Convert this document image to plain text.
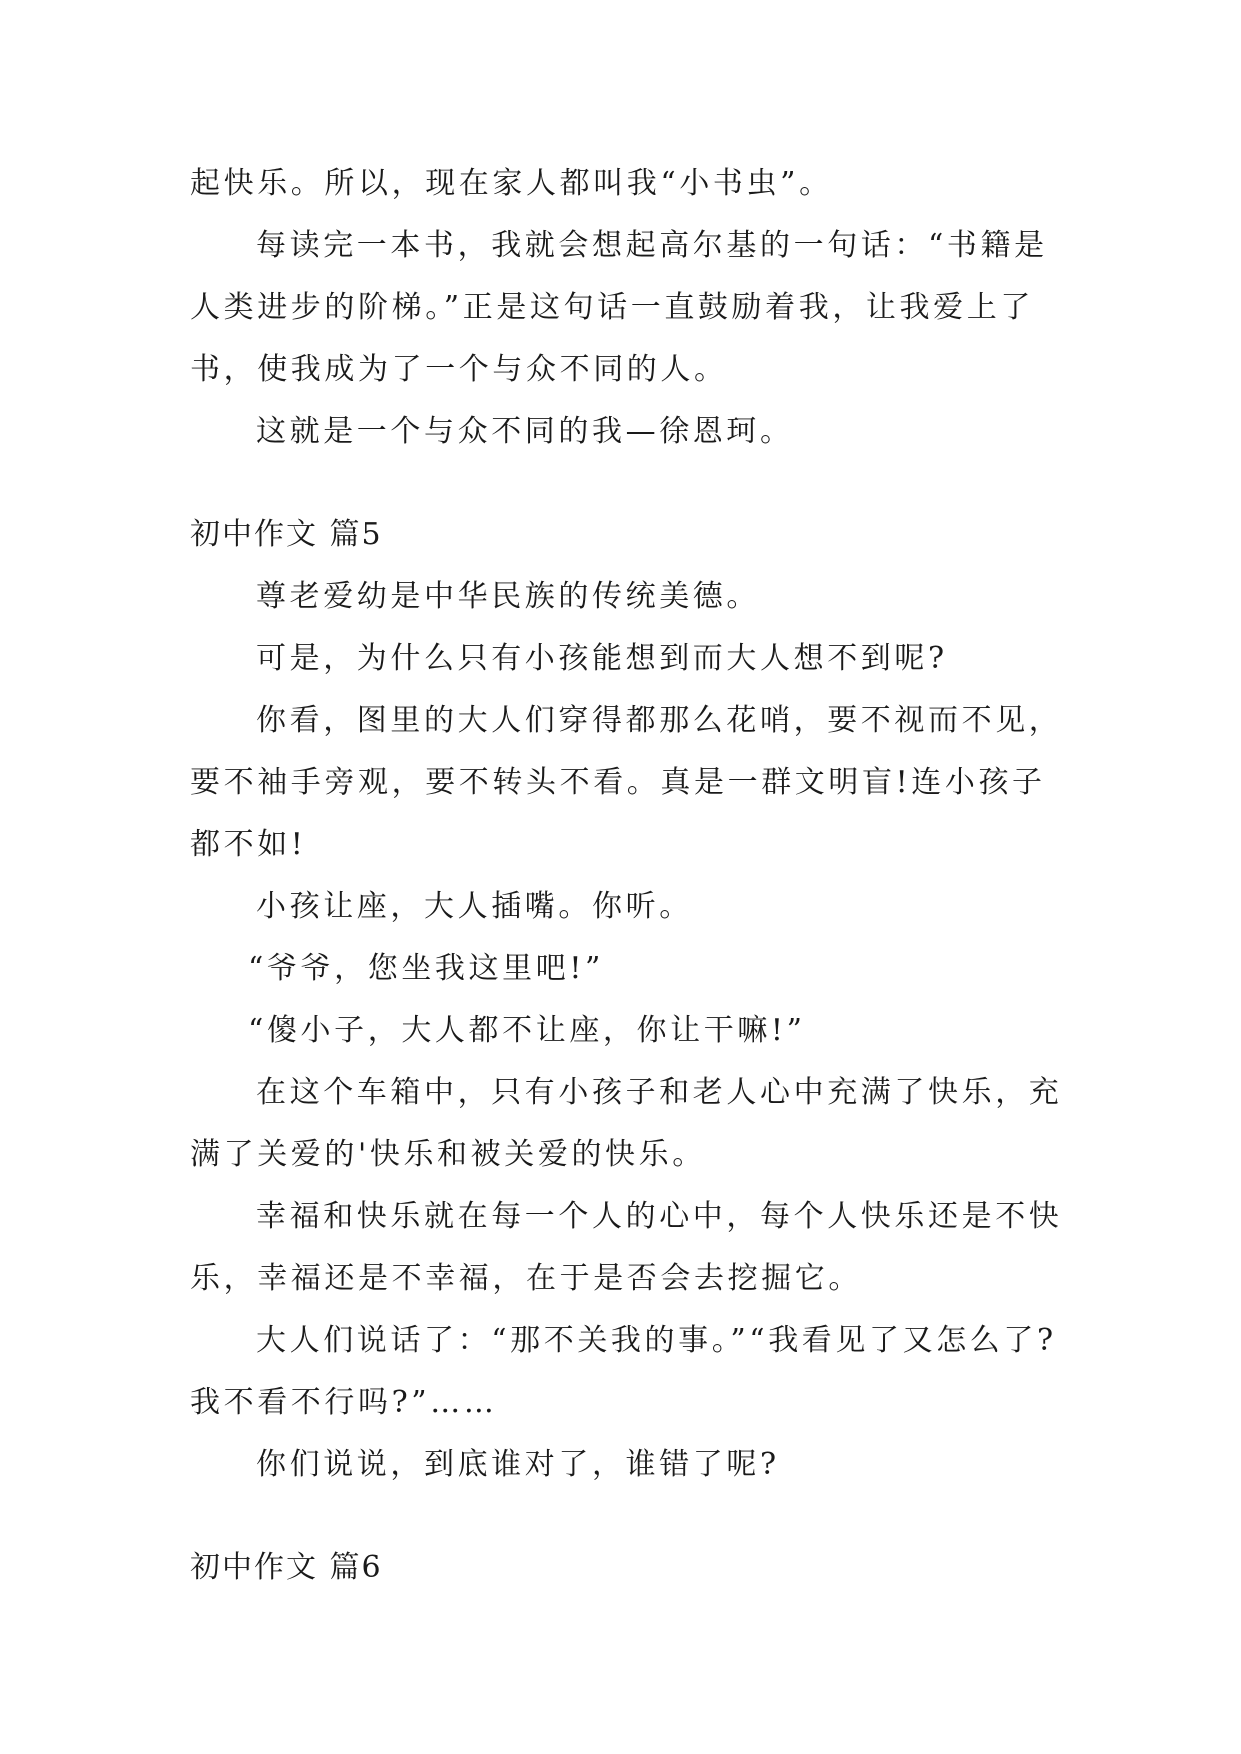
起快乐。所以，现在家人都叫我“小书虫”。

每读完一本书，我就会想起高尔基的一句话：“书籍是

人类进步的阶梯。”正是这句话一直鼓励着我，让我爱上了

书，使我成为了一个与众不同的人。

这就是一个与众不同的我—徐恩珂。

初中作文 篇5

尊老爱幼是中华民族的传统美德。

可是，为什么只有小孩能想到而大人想不到呢?

你看，图里的大人们穿得都那么花哨，要不视而不见，

要不袖手旁观，要不转头不看。真是一群文明盲!连小孩子

都不如!

小孩让座，大人插嘴。你听。

“爷爷，您坐我这里吧!”

“傻小子，大人都不让座，你让干嘛!”

在这个车箱中，只有小孩子和老人心中充满了快乐，充

满了关爱的'快乐和被关爱的快乐。

幸福和快乐就在每一个人的心中，每个人快乐还是不快

乐，幸福还是不幸福，在于是否会去挖掘它。

大人们说话了：“那不关我的事。”“我看见了又怎么了?

我不看不行吗?”……

你们说说，到底谁对了，谁错了呢?

初中作文 篇6
